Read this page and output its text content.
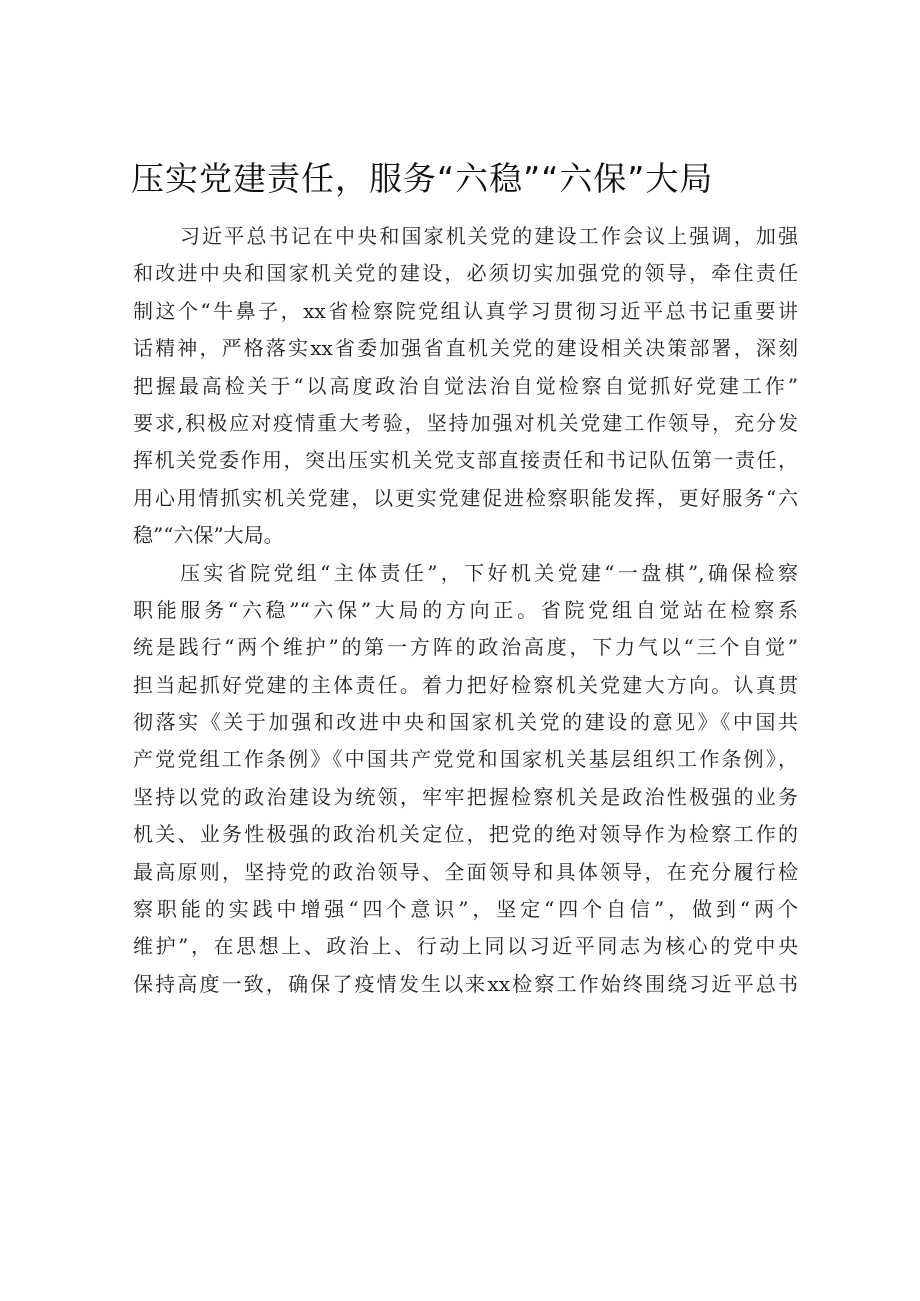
压实党建责任，服务“六稳”“六保”大局
习近平总书记在中央和国家机关党的建设工作会议上强调，加强
和改进中央和国家机关党的建设，必须切实加强党的领导，牵住责任
制这个“牛鼻子，xx省检察院党组认真学习贯彻习近平总书记重要讲
话精神，严格落实xx省委加强省直机关党的建设相关决策部署，深刻
把握最高检关于“以高度政治自觉法治自觉检察自觉抓好党建工作”
要求,积极应对疫情重大考验，坚持加强对机关党建工作领导，充分发
挥机关党委作用，突出压实机关党支部直接责任和书记队伍第一责任，
用心用情抓实机关党建，以更实党建促进检察职能发挥，更好服务“六
稳”“六保”大局。
压实省院党组“主体责任”，下好机关党建“一盘棋”,确保检察
职能服务“六稳”“六保”大局的方向正。省院党组自觉站在检察系
统是践行“两个维护”的第一方阵的政治高度，下力气以“三个自觉”
担当起抓好党建的主体责任。着力把好检察机关党建大方向。认真贯
彻落实《关于加强和改进中央和国家机关党的建设的意见》《中国共
产党党组工作条例》《中国共产党党和国家机关基层组织工作条例》，
坚持以党的政治建设为统领，牢牢把握检察机关是政治性极强的业务
机关、业务性极强的政治机关定位，把党的绝对领导作为检察工作的
最高原则，坚持党的政治领导、全面领导和具体领导，在充分履行检
察职能的实践中增强“四个意识”，坚定“四个自信”，做到“两个
维护”，在思想上、政治上、行动上同以习近平同志为核心的党中央
保持高度一致，确保了疫情发生以来xx检察工作始终围绕习近平总书
